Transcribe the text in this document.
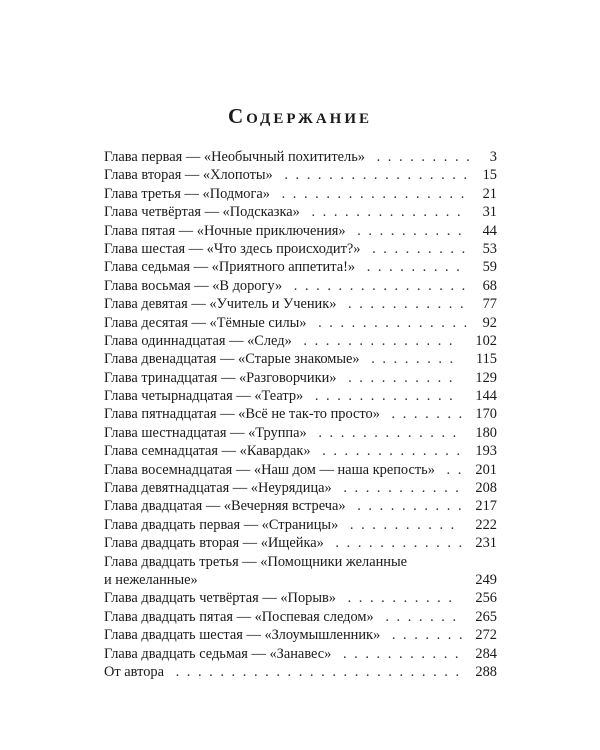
Содержание
Глава первая — «Необычный похититель» . . . . . . . . . 3
Глава вторая — «Хлопоты» . . . . . . . . . . . . . . . . . 15
Глава третья — «Подмога» . . . . . . . . . . . . . . . . . 21
Глава четвёртая — «Подсказка» . . . . . . . . . . . . . . 31
Глава пятая — «Ночные приключения» . . . . . . . . . . 44
Глава шестая — «Что здесь происходит?» . . . . . . . . . 53
Глава седьмая — «Приятного аппетита!» . . . . . . . . . 59
Глава восьмая — «В дорогу» . . . . . . . . . . . . . . . . 68
Глава девятая — «Учитель и Ученик» . . . . . . . . . . . 77
Глава десятая — «Тёмные силы» . . . . . . . . . . . . . . 92
Глава одиннадцатая — «След» . . . . . . . . . . . . . . 102
Глава двенадцатая — «Старые знакомые» . . . . . . . . 115
Глава тринадцатая — «Разговорчики» . . . . . . . . . . 129
Глава четырнадцатая — «Театр» . . . . . . . . . . . . . 144
Глава пятнадцатая — «Всё не так-то просто» . . . . . . . 170
Глава шестнадцатая — «Труппа» . . . . . . . . . . . . . 180
Глава семнадцатая — «Кавардак» . . . . . . . . . . . . . 193
Глава восемнадцатая — «Наш дом — наша крепость» . . 201
Глава девятнадцатая — «Неурядица» . . . . . . . . . . . 208
Глава двадцатая — «Вечерняя встреча» . . . . . . . . . . 217
Глава двадцать первая — «Страницы» . . . . . . . . . . 222
Глава двадцать вторая — «Ищейка» . . . . . . . . . . . . 231
Глава двадцать третья — «Помощники желанные
и нежеланные»	249
Глава двадцать четвёртая — «Порыв» . . . . . . . . . . 256
Глава двадцать пятая — «Поспевая следом» . . . . . . . 265
Глава двадцать шестая — «Злоумышленник» . . . . . . . 272
Глава двадцать седьмая — «Занавес» . . . . . . . . . . . 284
От автора . . . . . . . . . . . . . . . . . . . . . . . . . . 288
